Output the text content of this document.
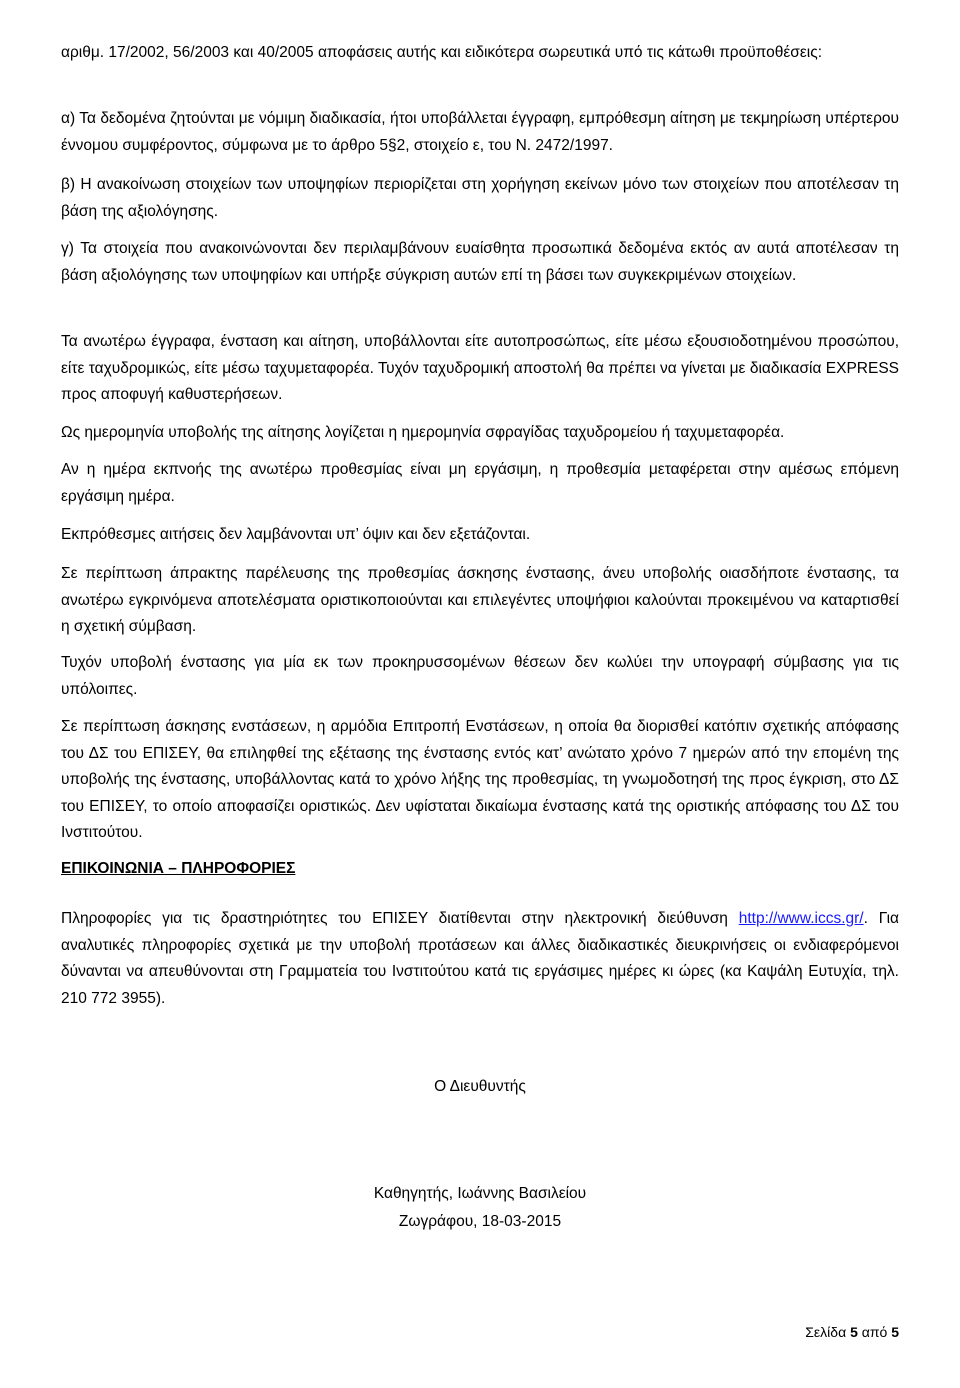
αριθμ. 17/2002, 56/2003 και 40/2005 αποφάσεις αυτής και ειδικότερα σωρευτικά υπό τις κάτωθι προϋποθέσεις:

α) Τα δεδομένα ζητούνται με νόμιμη διαδικασία, ήτοι υποβάλλεται έγγραφη, εμπρόθεσμη αίτηση με τεκμηρίωση υπέρτερου έννομου συμφέροντος, σύμφωνα με το άρθρο 5§2, στοιχείο ε, του Ν. 2472/1997.

β) Η ανακοίνωση στοιχείων των υποψηφίων περιορίζεται στη χορήγηση εκείνων μόνο των στοιχείων που αποτέλεσαν τη βάση της αξιολόγησης.

γ) Τα στοιχεία που ανακοινώνονται δεν περιλαμβάνουν ευαίσθητα προσωπικά δεδομένα εκτός αν αυτά αποτέλεσαν τη βάση αξιολόγησης των υποψηφίων και υπήρξε σύγκριση αυτών επί τη βάσει των συγκεκριμένων στοιχείων.

Τα ανωτέρω έγγραφα, ένσταση και αίτηση, υποβάλλονται είτε αυτοπροσώπως, είτε μέσω εξουσιοδοτημένου προσώπου, είτε ταχυδρομικώς, είτε μέσω ταχυμεταφορέα. Τυχόν ταχυδρομική αποστολή θα πρέπει να γίνεται με διαδικασία EXPRESS προς αποφυγή καθυστερήσεων.

Ως ημερομηνία υποβολής της αίτησης λογίζεται η ημερομηνία σφραγίδας ταχυδρομείου ή ταχυμεταφορέα.

Αν η ημέρα εκπνοής της ανωτέρω προθεσμίας είναι μη εργάσιμη, η προθεσμία μεταφέρεται στην αμέσως επόμενη εργάσιμη ημέρα.

Εκπρόθεσμες αιτήσεις δεν λαμβάνονται υπ’ όψιν και δεν εξετάζονται.

Σε περίπτωση άπρακτης παρέλευσης της προθεσμίας άσκησης ένστασης, άνευ υποβολής οιασδήποτε ένστασης, τα ανωτέρω εγκρινόμενα αποτελέσματα οριστικοποιούνται και επιλεγέντες υποψήφιοι καλούνται προκειμένου να καταρτισθεί η σχετική σύμβαση.

Τυχόν υποβολή ένστασης για μία εκ των προκηρυσσομένων θέσεων δεν κωλύει την υπογραφή σύμβασης για τις υπόλοιπες.

Σε περίπτωση άσκησης ενστάσεων, η αρμόδια Επιτροπή Ενστάσεων, η οποία θα διορισθεί κατόπιν σχετικής απόφασης του ΔΣ του ΕΠΙΣΕΥ, θα επιληφθεί της εξέτασης της ένστασης εντός κατ’ ανώτατο χρόνο 7 ημερών από την επομένη της υποβολής της ένστασης, υποβάλλοντας κατά το χρόνο λήξης της προθεσμίας, τη γνωμοδοτησή της προς έγκριση, στο ΔΣ του ΕΠΙΣΕΥ, το οποίο αποφασίζει οριστικώς. Δεν υφίσταται δικαίωμα ένστασης κατά της οριστικής απόφασης του ΔΣ του Ινστιτούτου.

ΕΠΙΚΟΙΝΩΝΙΑ – ΠΛΗΡΟΦΟΡΙΕΣ

Πληροφορίες για τις δραστηριότητες του ΕΠΙΣΕΥ διατίθενται στην ηλεκτρονική διεύθυνση http://www.iccs.gr/. Για αναλυτικές πληροφορίες σχετικά με την υποβολή προτάσεων και άλλες διαδικαστικές διευκρινήσεις οι ενδιαφερόμενοι δύνανται να απευθύνονται στη Γραμματεία του Ινστιτούτου κατά τις εργάσιμες ημέρες κι ώρες (κα Καψάλη Ευτυχία, τηλ. 210 772 3955).

Ο Διευθυντής

Καθηγητής, Ιωάννης Βασιλείου

Ζωγράφου, 18-03-2015

Σελίδα 5 από 5
